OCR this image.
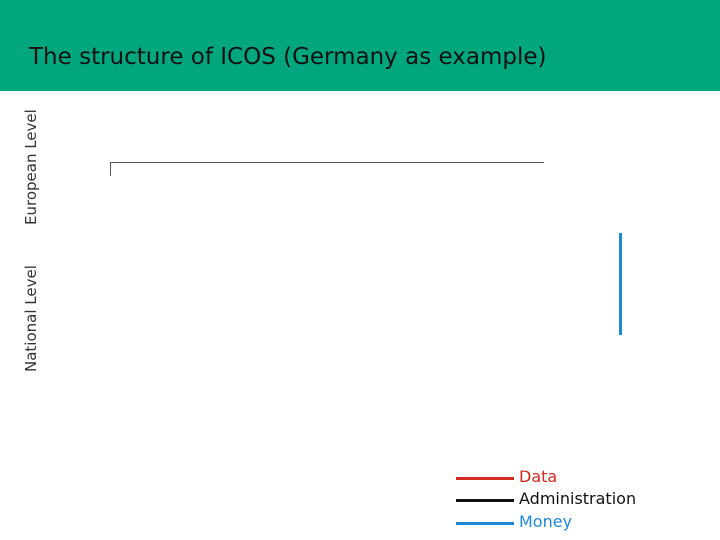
The structure of ICOS (Germany as example)
European Level
National Level
Data
Administration
Money
